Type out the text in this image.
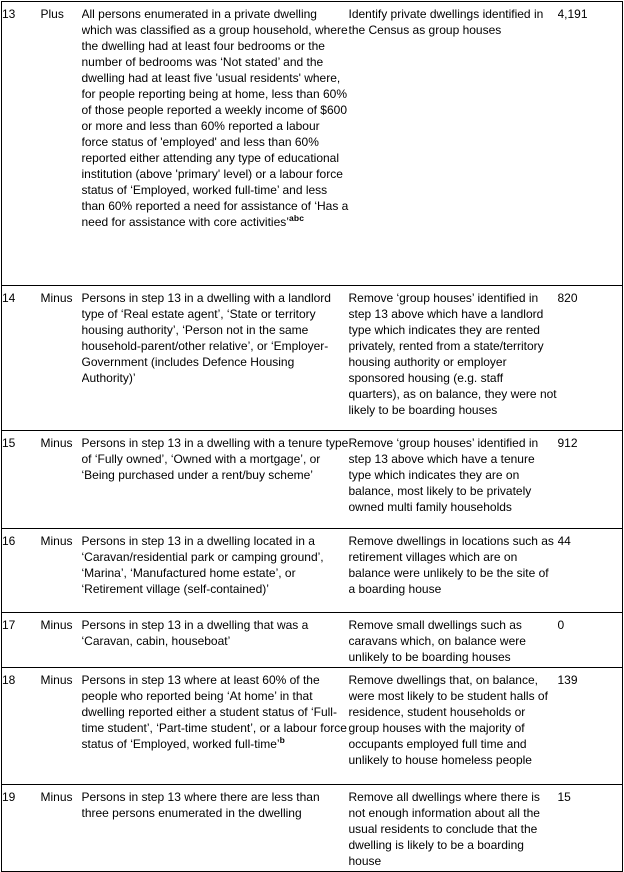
13	Plus	All persons enumerated in a private dwelling which was classified as a group household, where the dwelling had at least four bedrooms or the number of bedrooms was ‘Not stated’ and the dwelling had at least five 'usual residents' where, for people reporting being at home, less than 60% of those people reported a weekly income of $600 or more and less than 60% reported a labour force status of 'employed' and less than 60% reported either attending any type of educational institution (above 'primary' level) or a labour force status of ‘Employed, worked full-time’ and less than 60% reported a need for assistance of ‘Has a need for assistance with core activities’$^{abc}$	Identify private dwellings identified in the Census as group houses	4,191
14	Minus	Persons in step 13 in a dwelling with a landlord type of ‘Real estate agent’, ‘State or territory housing authority’, ‘Person not in the same household-parent/other relative’, or ‘Employer-Government (includes Defence Housing Authority)’	Remove ‘group houses’ identified in step 13 above which have a landlord type which indicates they are rented privately, rented from a state/territory housing authority or employer sponsored housing (e.g. staff quarters), as on balance, they were not likely to be boarding houses	820
15	Minus	Persons in step 13 in a dwelling with a tenure type of ‘Fully owned’, ‘Owned with a mortgage’, or ‘Being purchased under a rent/buy scheme’	Remove ‘group houses’ identified in step 13 above which have a tenure type which indicates they are on balance, most likely to be privately owned multi family households	912
16	Minus	Persons in step 13 in a dwelling located in a ‘Caravan/residential park or camping ground’, ‘Marina’, ‘Manufactured home estate’, or ‘Retirement village (self-contained)’	Remove dwellings in locations such as retirement villages which are on balance were unlikely to be the site of a boarding house	44
17	Minus	Persons in step 13 in a dwelling that was a ‘Caravan, cabin, houseboat’	Remove small dwellings such as caravans which, on balance were unlikely to be boarding houses	0
18	Minus	Persons in step 13 where at least 60% of the people who reported being ‘At home’ in that dwelling reported either a student status of ‘Full-time student’, ‘Part-time student’, or a labour force status of ‘Employed, worked full-time’$^b$	Remove dwellings that, on balance, were most likely to be student halls of residence, student households or group houses with the majority of occupants employed full time and unlikely to house homeless people	139
19	Minus	Persons in step 13 where there are less than three persons enumerated in the dwelling	Remove all dwellings where there is not enough information about all the usual residents to conclude that the dwelling is likely to be a boarding house	15
